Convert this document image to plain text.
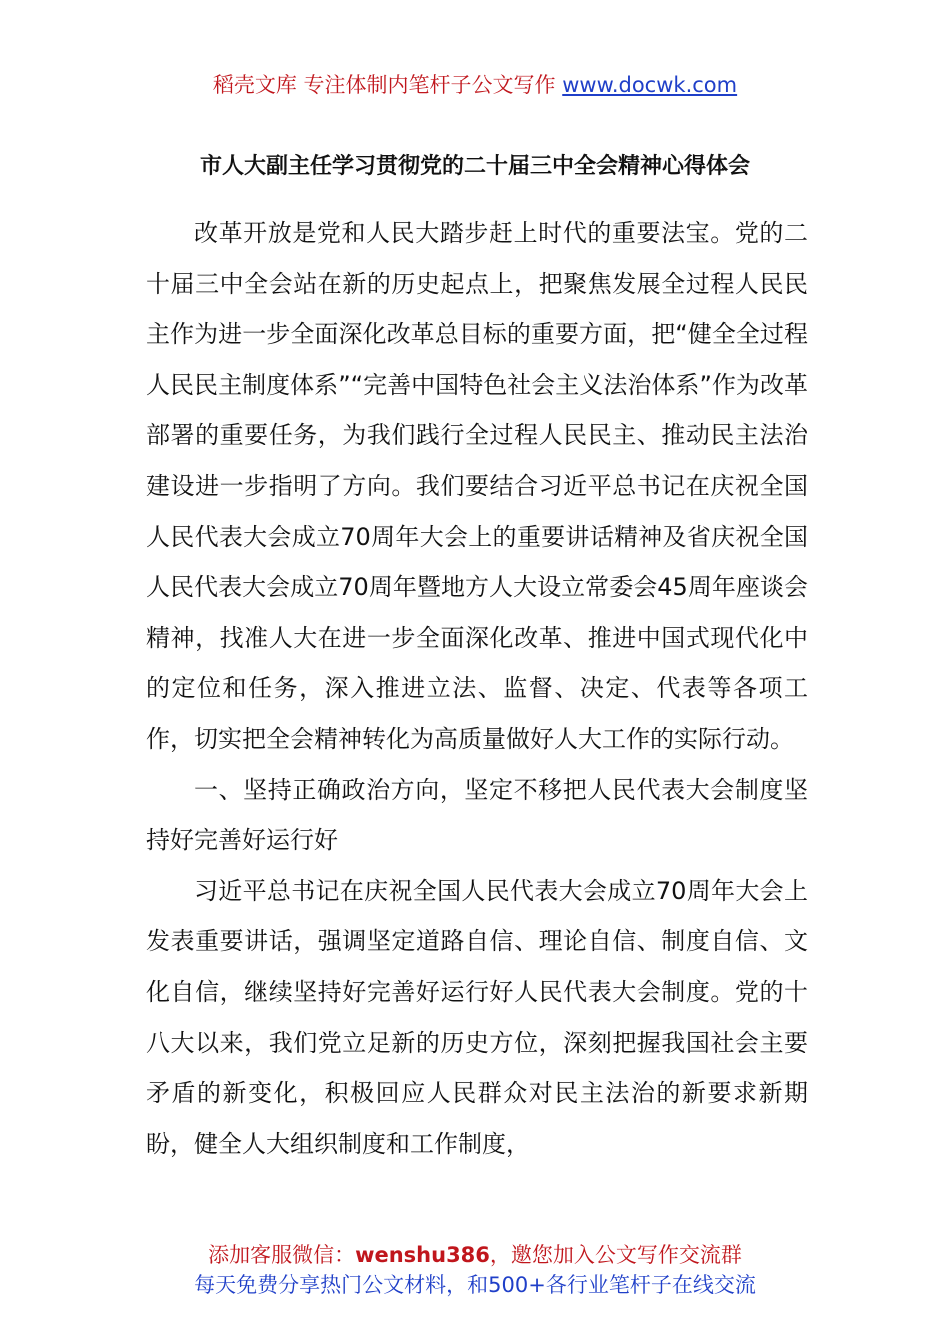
稻壳文库 专注体制内笔杆子公文写作 www.docwk.com
市人大副主任学习贯彻党的二十届三中全会精神心得体会

改革开放是党和人民大踏步赶上时代的重要法宝。党的二十届三中全会站在新的历史起点上，把聚焦发展全过程人民民主作为进一步全面深化改革总目标的重要方面，把“健全全过程人民民主制度体系”“完善中国特色社会主义法治体系”作为改革部署的重要任务，为我们践行全过程人民民主、推动民主法治建设进一步指明了方向。我们要结合习近平总书记在庆祝全国人民代表大会成立70周年大会上的重要讲话精神及省庆祝全国人民代表大会成立70周年暨地方人大设立常委会45周年座谈会精神，找准人大在进一步全面深化改革、推进中国式现代化中的定位和任务，深入推进立法、监督、决定、代表等各项工作，切实把全会精神转化为高质量做好人大工作的实际行动。

一、坚持正确政治方向，坚定不移把人民代表大会制度坚持好完善好运行好

习近平总书记在庆祝全国人民代表大会成立70周年大会上发表重要讲话，强调坚定道路自信、理论自信、制度自信、文化自信，继续坚持好完善好运行好人民代表大会制度。党的十八大以来，我们党立足新的历史方位，深刻把握我国社会主要矛盾的新变化，积极回应人民群众对民主法治的新要求新期盼，健全人大组织制度和工作制度，

添加客服微信：wenshu386，邀您加入公文写作交流群
每天免费分享热门公文材料，和500+各行业笔杆子在线交流
